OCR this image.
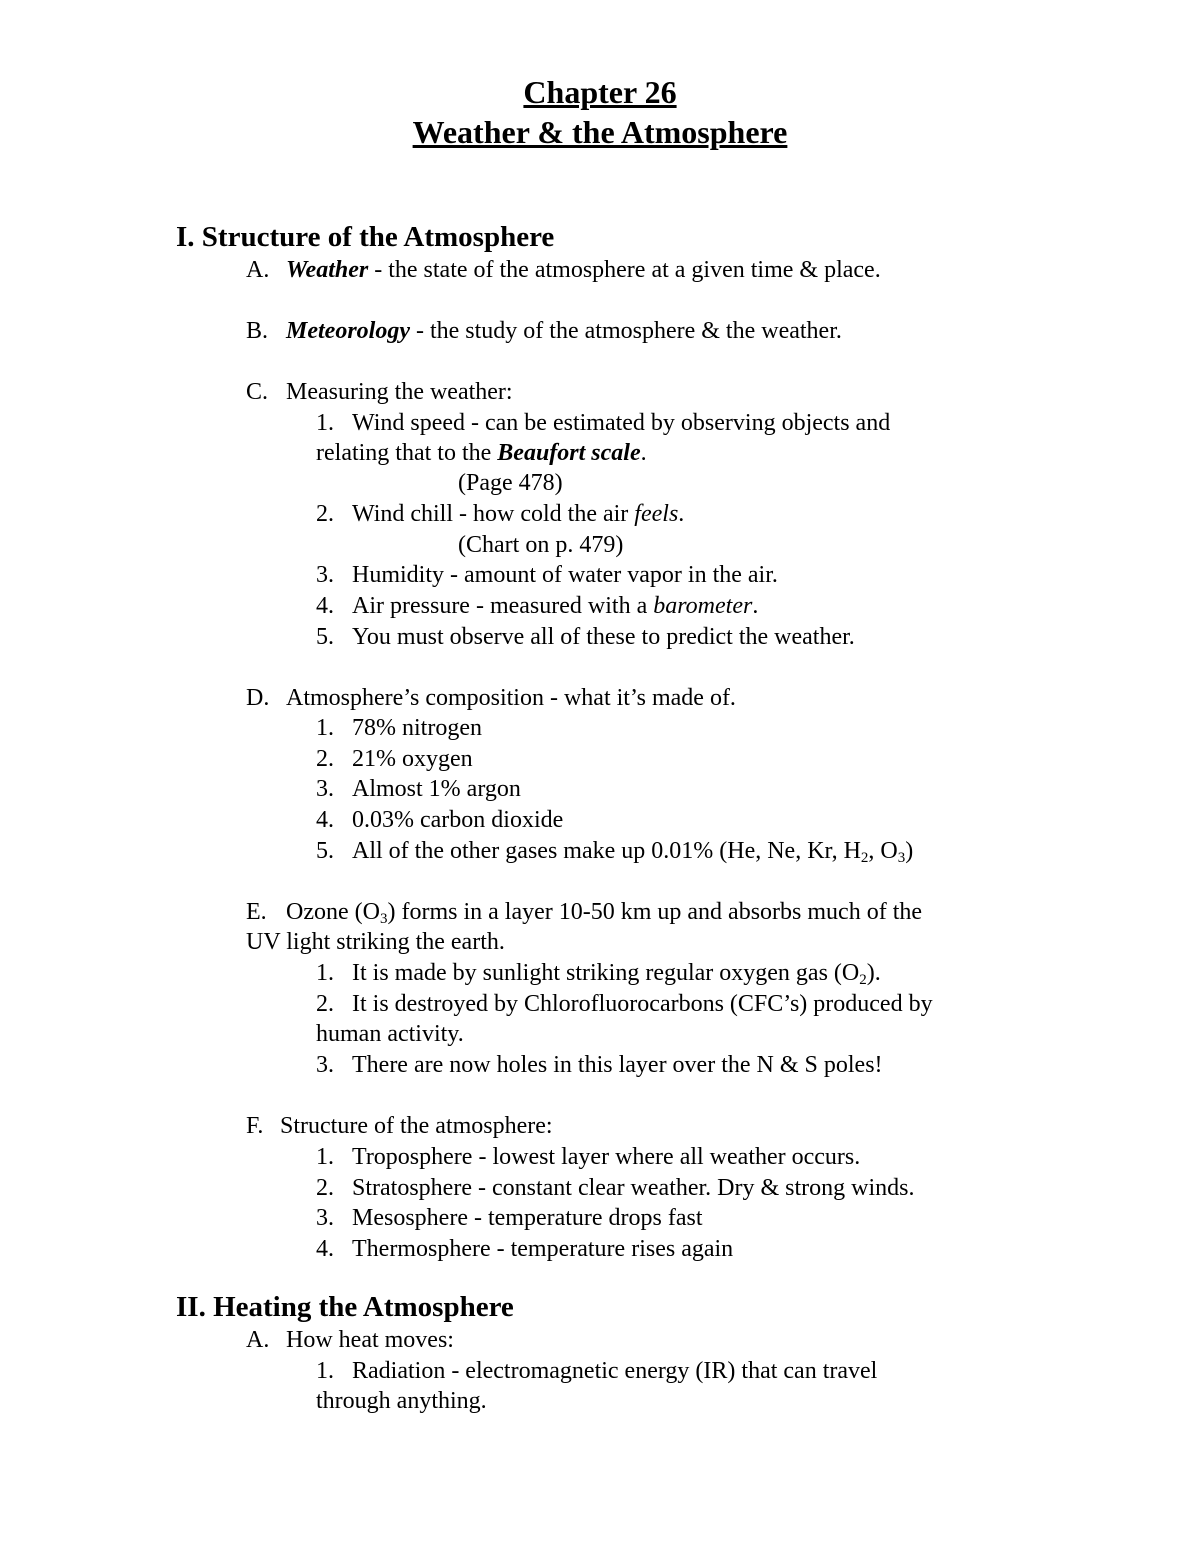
Chapter 26
Weather & the Atmosphere
I. Structure of the Atmosphere
A. Weather - the state of the atmosphere at a given time & place.
B. Meteorology - the study of the atmosphere & the weather.
C. Measuring the weather:
1. Wind speed - can be estimated by observing objects and
relating that to the Beaufort scale.
(Page 478)
2. Wind chill - how cold the air feels.
(Chart on p. 479)
3. Humidity - amount of water vapor in the air.
4. Air pressure - measured with a barometer.
5. You must observe all of these to predict the weather.
D. Atmosphere’s composition - what it’s made of.
1. 78% nitrogen
2. 21% oxygen
3. Almost 1% argon
4. 0.03% carbon dioxide
5. All of the other gases make up 0.01% (He, Ne, Kr, $H_2$, $O_3$)
E. Ozone $(O_3)$ forms in a layer 10-50 km up and absorbs much of the
UV light striking the earth.
1. It is made by sunlight striking regular oxygen gas $(O_2)$.
2. It is destroyed by Chlorofluorocarbons (CFC’s) produced by
human activity.
3. There are now holes in this layer over the N & S poles!
F. Structure of the atmosphere:
1. Troposphere - lowest layer where all weather occurs.
2. Stratosphere - constant clear weather. Dry & strong winds.
3. Mesosphere - temperature drops fast
4. Thermosphere - temperature rises again
II. Heating the Atmosphere
A. How heat moves:
1. Radiation - electromagnetic energy (IR) that can travel
through anything.
